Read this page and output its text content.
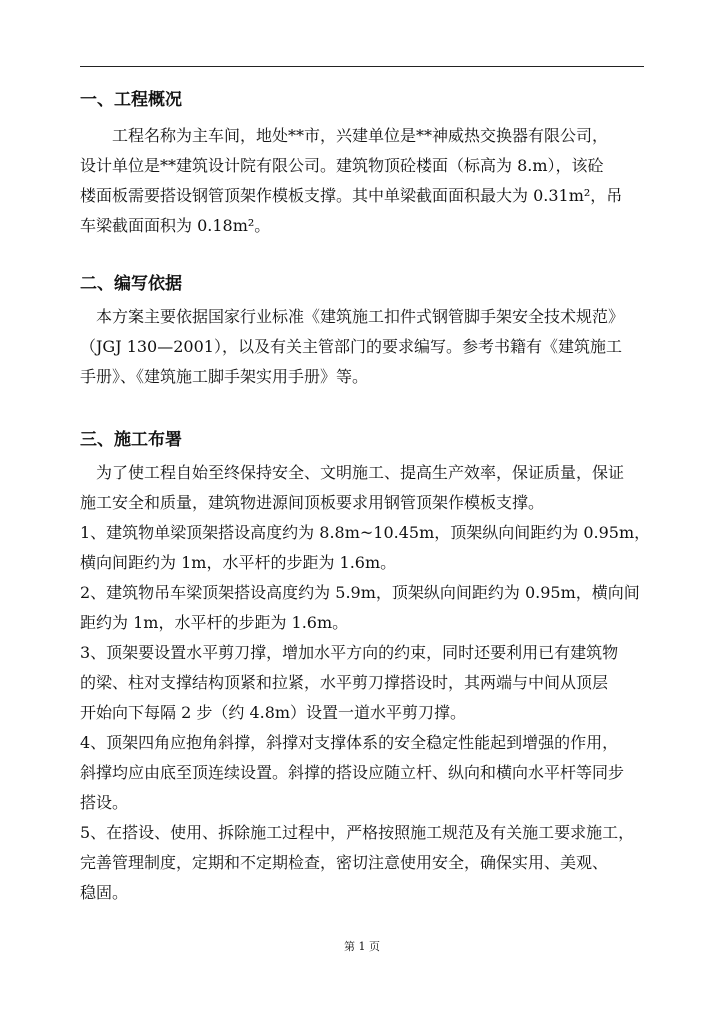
一、工程概况

　　工程名称为主车间，地处**市，兴建单位是**神威热交换器有限公司，
设计单位是**建筑设计院有限公司。建筑物顶砼楼面（标高为 8.m），该砼
楼面板需要搭设钢管顶架作模板支撑。其中单梁截面面积最大为 0.31m²，吊
车梁截面面积为 0.18m²。

二、编写依据

　本方案主要依据国家行业标准《建筑施工扣件式钢管脚手架安全技术规范》
（JGJ 130—2001），以及有关主管部门的要求编写。参考书籍有《建筑施工
手册》、《建筑施工脚手架实用手册》等。

三、施工布署

　为了使工程自始至终保持安全、文明施工、提高生产效率，保证质量，保证
施工安全和质量，建筑物进源间顶板要求用钢管顶架作模板支撑。
1、建筑物单梁顶架搭设高度约为 8.8m~10.45m，顶架纵向间距约为 0.95m，
横向间距约为 1m，水平杆的步距为 1.6m。
2、建筑物吊车梁顶架搭设高度约为 5.9m，顶架纵向间距约为 0.95m，横向间
距约为 1m，水平杆的步距为 1.6m。
3、顶架要设置水平剪刀撑，增加水平方向的约束，同时还要利用已有建筑物
的梁、柱对支撑结构顶紧和拉紧，水平剪刀撑搭设时，其两端与中间从顶层
开始向下每隔 2 步（约 4.8m）设置一道水平剪刀撑。
4、顶架四角应抱角斜撑，斜撑对支撑体系的安全稳定性能起到增强的作用，
斜撑均应由底至顶连续设置。斜撑的搭设应随立杆、纵向和横向水平杆等同步
搭设。
5、在搭设、使用、拆除施工过程中，严格按照施工规范及有关施工要求施工，
完善管理制度，定期和不定期检查，密切注意使用安全，确保实用、美观、
稳固。

第 1 页
